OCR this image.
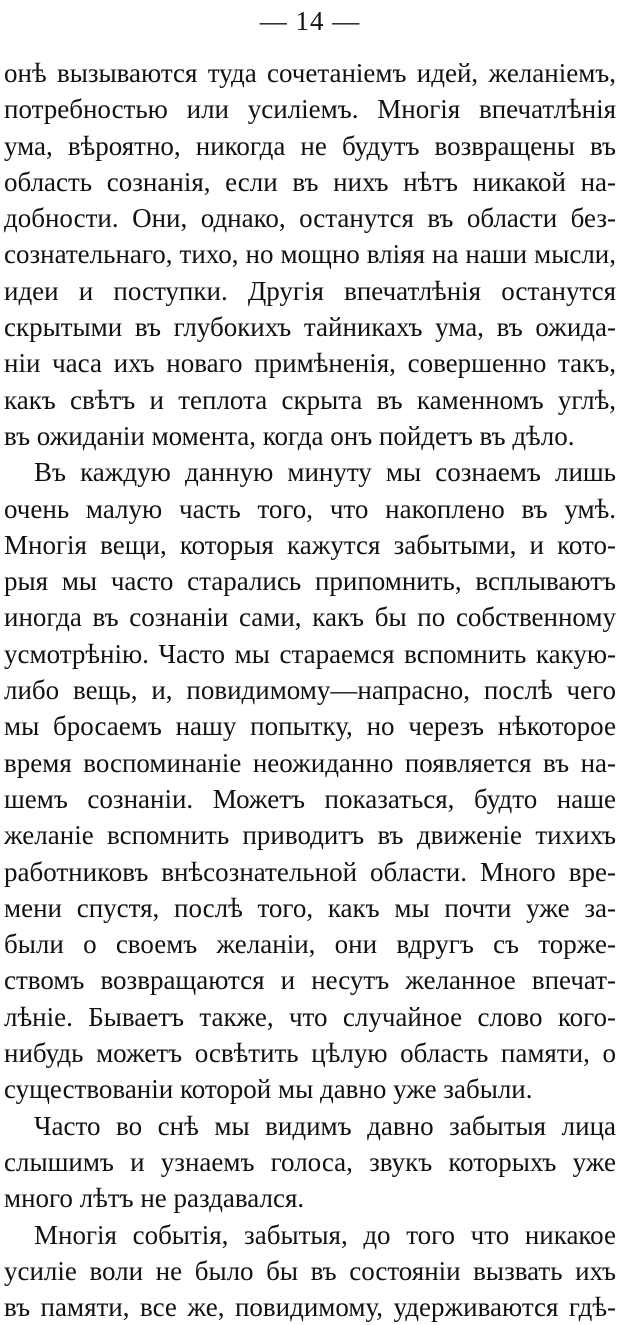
— 14 —
онѣ вызываются туда сочетаніемъ идей, желаніемъ,
потребностью или усиліемъ. Многія впечатлѣнія
ума, вѣроятно, никогда не будутъ возвращены въ
область сознанія, если въ нихъ нѣтъ никакой на-
добности. Они, однако, останутся въ области без-
сознательнаго, тихо, но мощно вліяя на наши мысли,
идеи и поступки. Другія впечатлѣнія останутся
скрытыми въ глубокихъ тайникахъ ума, въ ожида-
ніи часа ихъ новаго примѣненія, совершенно такъ,
какъ свѣтъ и теплота скрыта въ каменномъ углѣ,
въ ожиданіи момента, когда онъ пойдетъ въ дѣло.
Въ каждую данную минуту мы сознаемъ лишь
очень малую часть того, что накоплено въ умѣ.
Многія вещи, которыя кажутся забытыми, и кото-
рыя мы часто старались припомнить, всплываютъ
иногда въ сознаніи сами, какъ бы по собственному
усмотрѣнію. Часто мы стараемся вспомнить какую-
либо вещь, и, повидимому—напрасно, послѣ чего
мы бросаемъ нашу попытку, но черезъ нѣкоторое
время воспоминаніе неожиданно появляется въ на-
шемъ сознаніи. Можетъ показаться, будто наше
желаніе вспомнить приводитъ въ движеніе тихихъ
работниковъ внѣсознательной области. Много вре-
мени спустя, послѣ того, какъ мы почти уже за-
были о своемъ желаніи, они вдругъ съ торже-
ствомъ возвращаются и несутъ желанное впечат-
лѣніе. Бываетъ также, что случайное слово кого-
нибудь можетъ освѣтить цѣлую область памяти, о
существованіи которой мы давно уже забыли.
Часто во снѣ мы видимъ давно забытыя лица
слышимъ и узнаемъ голоса, звукъ которыхъ уже
много лѣтъ не раздавался.
Многія событія, забытыя, до того что никакое
усиліе воли не было бы въ состояніи вызвать ихъ
въ памяти, все же, повидимому, удерживаются гдѣ-
